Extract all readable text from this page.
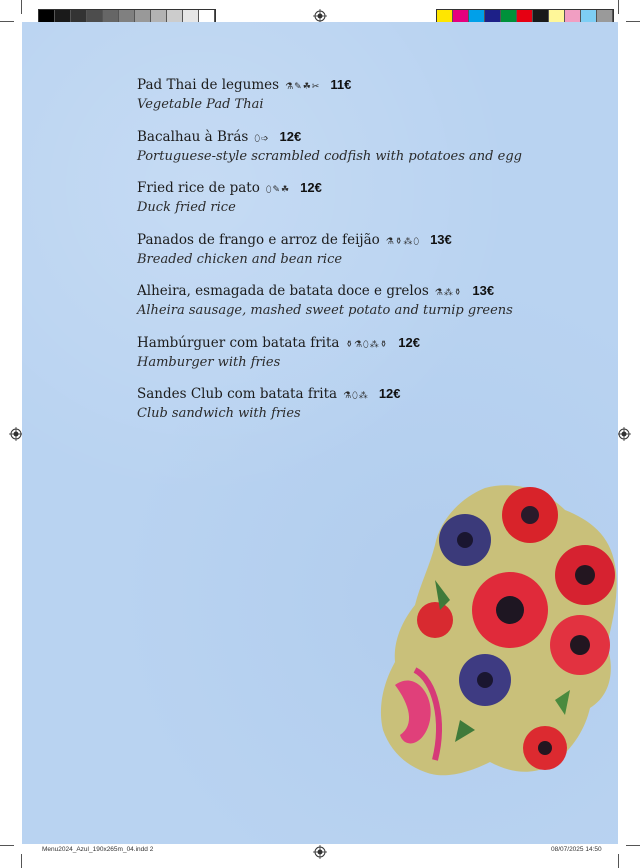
Pad Thai de legumes ⚗✎☘✂ 11€
Vegetable Pad Thai
Bacalhau à Brás ⬯➩ 12€
Portuguese-style scrambled codfish with potatoes and egg
Fried rice de pato ⬯✎☘ 12€
Duck fried rice
Panados de frango e arroz de feijão ⚗⚱⁂⬯ 13€
Breaded chicken and bean rice
Alheira, esmagada de batata doce e grelos ⚗⁂⚱ 13€
Alheira sausage, mashed sweet potato and turnip greens
Hambúrguer com batata frita ⚱⚗⬯⁂⚱ 12€
Hamburger with fries
Sandes Club com batata frita ⚗⬯⁂ 12€
Club sandwich with fries
Menu2024_Azul_190x265m_04.indd 2	08/07/2025 14:50
